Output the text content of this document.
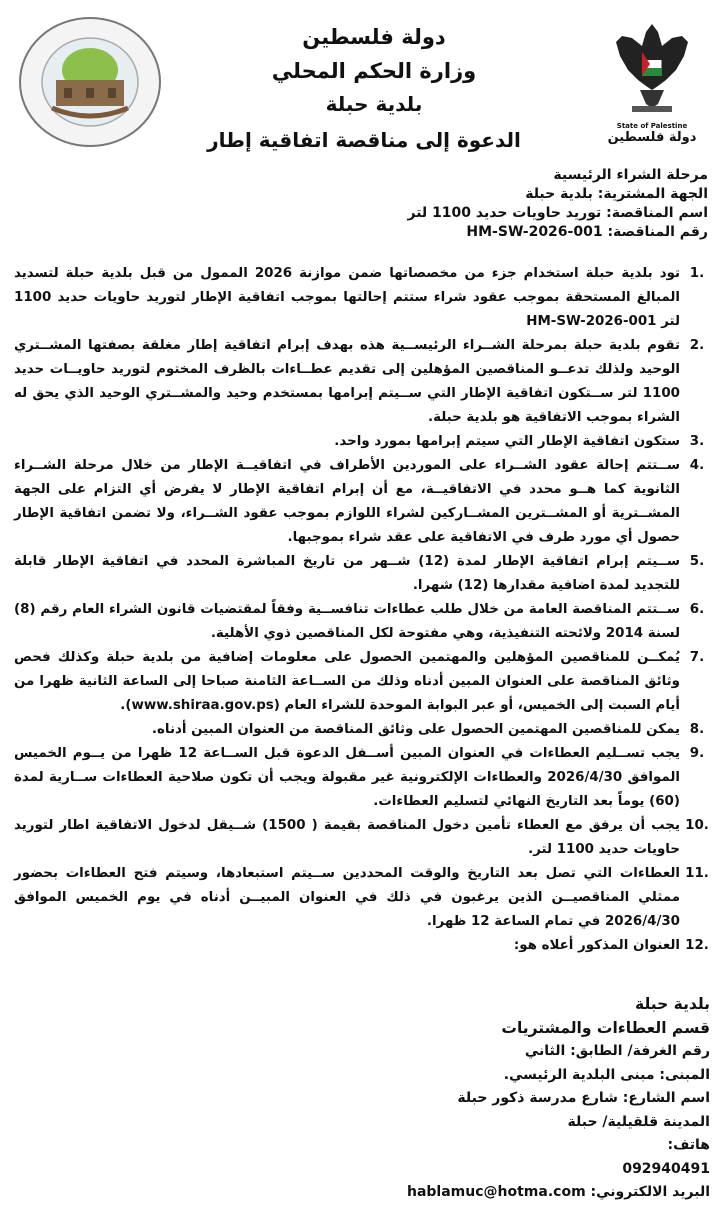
State of Palestine
دولة فلسطين
دولة فلسطين
وزارة الحكم المحلي
بلدية حبلة
الدعوة إلى مناقصة اتفاقية إطار
مرحلة الشراء الرئيسية
الجهة المشترية: بلدية حبلة
اسم المناقصة: توريد حاويات حديد 1100 لتر
رقم المناقصة: HM-SW-2026-001
.1
تود بلدية حبلة استخدام جزء من مخصصاتها ضمن موازنة 2026 الممول من قبل بلدية حبلة لتسديد المبالغ المستحقة بموجب عقود شراء ستتم إحالتها بموجب اتفاقية الإطار لتوريد حاويات حديد 1100 لتر HM-SW-2026-001
.2
تقوم بلدية حبلة بمرحلة الشــراء الرئيســية هذه بهدف إبرام اتفاقية إطار مغلقة بصفتها المشــتري الوحيد ولذلك تدعــو المناقصين المؤهلين إلى تقديم عطــاءات بالظرف المختوم لتوريد حاويــات حديد 1100 لتر ســتكون اتفاقية الإطار التي ســيتم إبرامها بمستخدم وحيد والمشــتري الوحيد الذي يحق له الشراء بموجب الاتفاقية هو بلدية حبلة.
.3
ستكون اتفاقية الإطار التي سيتم إبرامها بمورد واحد.
.4
ســتتم إحالة عقود الشــراء على الموردين الأطراف في اتفاقيــة الإطار من خلال مرحلة الشــراء الثانوية كما هــو محدد في الاتفاقيــة، مع أن إبرام اتفاقية الإطار لا يفرض أي التزام على الجهة المشــترية أو المشــترين المشــاركين لشراء اللوازم بموجب عقود الشــراء، ولا تضمن اتفاقية الإطار حصول أي مورد طرف في الاتفاقية على عقد شراء بموجبها.
.5
ســيتم إبرام اتفاقية الإطار لمدة (12) شــهر من تاريخ المباشرة المحدد في اتفاقية الإطار قابلة للتجديد لمدة اضافية مقدارها (12) شهرا.
.6
ســتتم المناقصة العامة من خلال طلب عطاءات تنافســية وفقاً لمقتضيات قانون الشراء العام رقم (8) لسنة 2014 ولائحته التنفيذية، وهي مفتوحة لكل المناقصين ذوي الأهلية.
.7
يُمكــن للمناقصين المؤهلين والمهتمين الحصول على معلومات إضافية من بلدية حبلة وكذلك فحص وثائق المناقصة على العنوان المبين أدناه وذلك من الســاعة الثامنة صباحا إلى الساعة الثانية ظهرا من أيام السبت إلى الخميس، أو عبر البوابة الموحدة للشراء العام (www.shiraa.gov.ps).
.8
يمكن للمناقصين المهتمين الحصول على وثائق المناقصة من العنوان المبين أدناه.
.9
يجب تســليم العطاءات في العنوان المبين أســفل الدعوة قبل الســاعة 12 ظهرا من يــوم الخميس الموافق 2026/4/30 والعطاءات الإلكترونية غير مقبولة ويجب أن تكون صلاحية العطاءات ســارية لمدة (60) يوماً بعد التاريخ النهائي لتسليم العطاءات.
.10
يجب أن يرفق مع العطاء تأمين دخول المناقصة بقيمة ( 1500) شــيقل لدخول الاتفاقية اطار لتوريد حاويات حديد 1100 لتر.
.11
العطاءات التي تصل بعد التاريخ والوقت المحددين ســيتم استبعادها، وسيتم فتح العطاءات بحضور ممثلي المناقصيــن الذين يرغبون في ذلك في العنوان المبيــن أدناه في يوم الخميس الموافق 2026/4/30 في تمام الساعة 12 ظهرا.
.12
العنوان المذكور أعلاه هو:
بلدية حبلة
قسم العطاءات والمشتريات
رقم الغرفة/ الطابق: الثاني
المبنى: مبنى البلدية الرئيسي.
اسم الشارع: شارع مدرسة ذكور حبلة
المدينة قلقيلية/ حبلة
هاتف:
092940491
البريد الالكتروني: hablamuc@hotma.com
